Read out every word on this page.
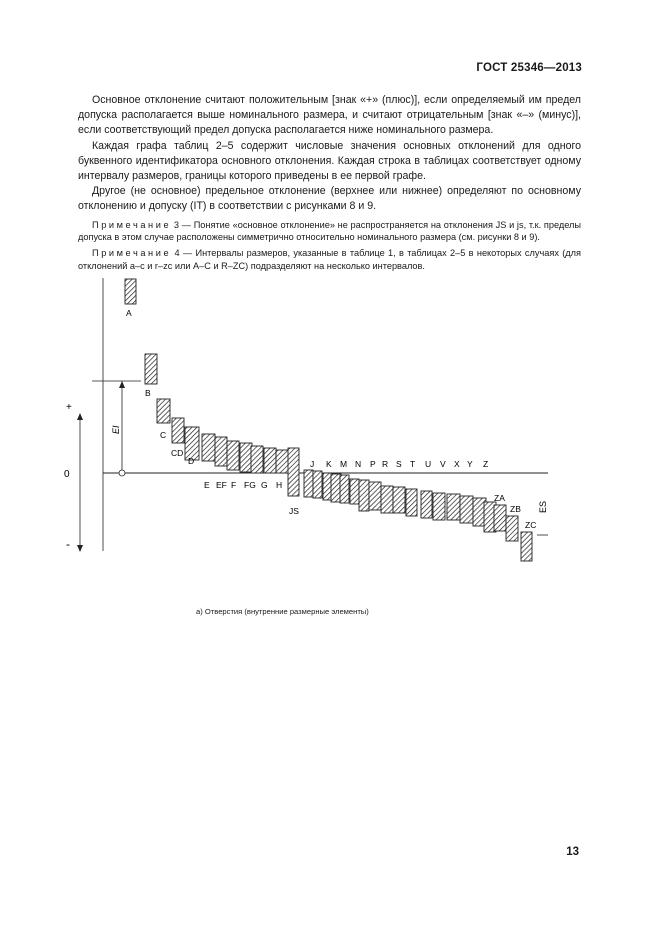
ГОСТ 25346—2013

Основное отклонение считают положительным [знак «+» (плюс)], если определяемый им предел допуска располагается выше номинального размера, и считают отрицательным [знак «–» (минус)], если соответствующий предел допуска располагается ниже номинального размера.

Каждая графа таблиц 2–5 содержит числовые значения основных отклонений для одного буквенного идентификатора основного отклонения. Каждая строка в таблицах соответствует одному интервалу размеров, границы которого приведены в ее первой графе.

Другое (не основное) предельное отклонение (верхнее или нижнее) определяют по основному отклонению и допуску (IT) в соответствии с рисунками 8 и 9.

Примечание 3 — Понятие «основное отклонение» не распространяется на отклонения JS и js, т.к. пределы допуска в этом случае расположены симметрично относительно номинального размера (см. рисунки 8 и 9).

Примечание 4 — Интервалы размеров, указанные в таблице 1, в таблицах 2–5 в некоторых случаях (для отклонений a–c и r–zc или A–C и R–ZC) подразделяют на несколько интервалов.

+
0
-
EI
ES
A
B
C
CD
D
E EF F FG G H
JS
J K M N P R S T U V X Y Z
ZA
ZB
ZC
а) Отверстия (внутренние размерные элементы)
13
